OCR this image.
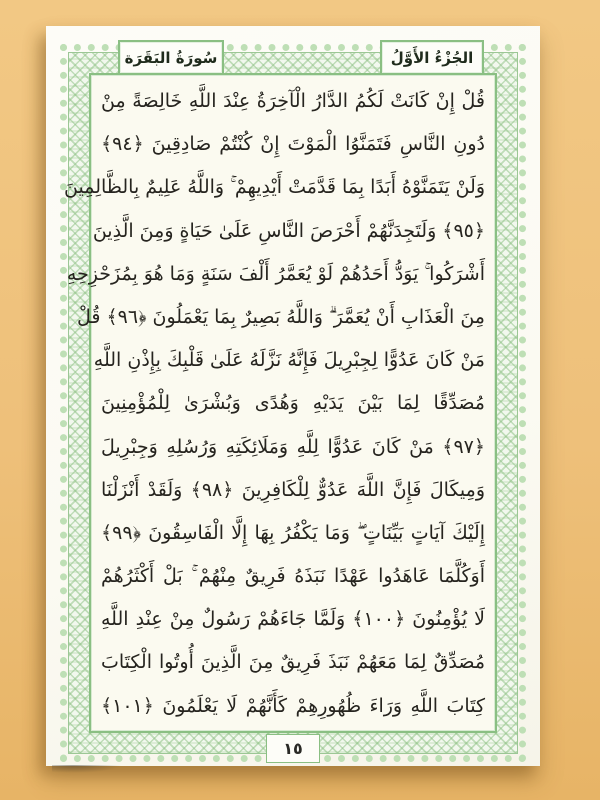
قُلْ إِنْ كَانَتْ لَكُمُ الدَّارُ الْآخِرَةُ عِنْدَ اللَّهِ خَالِصَةً مِنْ
دُونِ النَّاسِ فَتَمَنَّوُا الْمَوْتَ إِنْ كُنْتُمْ صَادِقِينَ ﴿٩٤﴾
وَلَنْ يَتَمَنَّوْهُ أَبَدًا بِمَا قَدَّمَتْ أَيْدِيهِمْ ۚ وَاللَّهُ عَلِيمٌ بِالظَّالِمِينَ
﴿٩٥﴾ وَلَتَجِدَنَّهُمْ أَحْرَصَ النَّاسِ عَلَىٰ حَيَاةٍ وَمِنَ الَّذِينَ
أَشْرَكُوا ۚ يَوَدُّ أَحَدُهُمْ لَوْ يُعَمَّرُ أَلْفَ سَنَةٍ وَمَا هُوَ بِمُزَحْزِحِهِ
مِنَ الْعَذَابِ أَنْ يُعَمَّرَ ۗ وَاللَّهُ بَصِيرٌ بِمَا يَعْمَلُونَ ﴿٩٦﴾ قُلْ
مَنْ كَانَ عَدُوًّا لِجِبْرِيلَ فَإِنَّهُ نَزَّلَهُ عَلَىٰ قَلْبِكَ بِإِذْنِ اللَّهِ
مُصَدِّقًا لِمَا بَيْنَ يَدَيْهِ وَهُدًى وَبُشْرَىٰ لِلْمُؤْمِنِينَ
﴿٩٧﴾ مَنْ كَانَ عَدُوًّا لِلَّهِ وَمَلَائِكَتِهِ وَرُسُلِهِ وَجِبْرِيلَ
وَمِيكَالَ فَإِنَّ اللَّهَ عَدُوٌّ لِلْكَافِرِينَ ﴿٩٨﴾ وَلَقَدْ أَنْزَلْنَا
إِلَيْكَ آيَاتٍ بَيِّنَاتٍ ۖ وَمَا يَكْفُرُ بِهَا إِلَّا الْفَاسِقُونَ ﴿٩٩﴾
أَوَكُلَّمَا عَاهَدُوا عَهْدًا نَبَذَهُ فَرِيقٌ مِنْهُمْ ۚ بَلْ أَكْثَرُهُمْ
لَا يُؤْمِنُونَ ﴿١٠٠﴾ وَلَمَّا جَاءَهُمْ رَسُولٌ مِنْ عِنْدِ اللَّهِ
مُصَدِّقٌ لِمَا مَعَهُمْ نَبَذَ فَرِيقٌ مِنَ الَّذِينَ أُوتُوا الْكِتَابَ
كِتَابَ اللَّهِ وَرَاءَ ظُهُورِهِمْ كَأَنَّهُمْ لَا يَعْلَمُونَ ﴿١٠١﴾
الجُزْءُ الأَوَّلُ
سُورَةُ البَقَرَة
١٥
